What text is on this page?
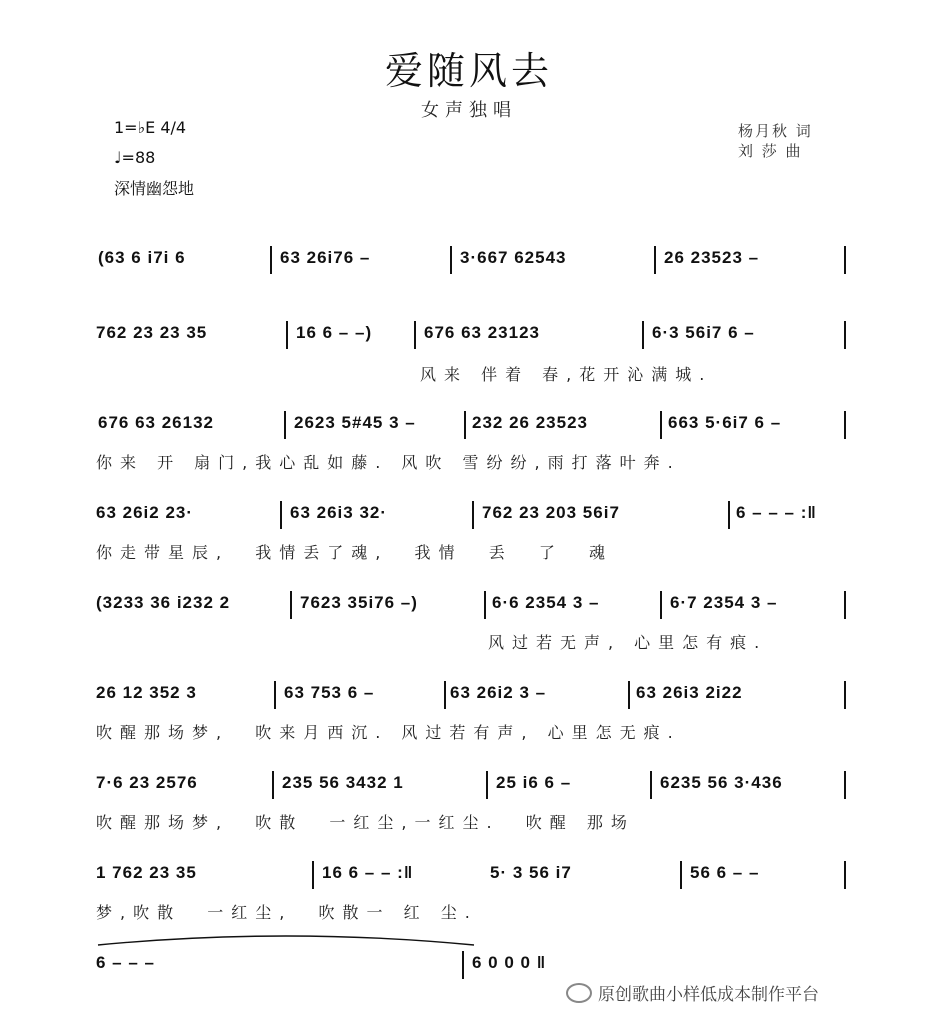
爱随风去
女声独唱
1=♭E 4/4
♩=88
深情幽怨地
杨月秋 词
刘 莎 曲
(63 6 i7i 6	63 26i76 –	3·667 62543	26 23523 –
762 23 23 35	16 6 – –)	676 63 23123	6·3 56i7 6 –
风来 伴着 春,花开沁满城.
676 63 26132	2623 5#45 3 –	232 26 23523	663 5·6i7 6 –
你来 开 扇门,我心乱如藤. 风吹 雪纷纷,雨打落叶奔.
63 26i2 23·	63 26i3 32·	762 23 203 56i7	6 – – – :‖
你走带星辰,  我情丢了魂,  我情  丢  了  魂
(3233 36 i232 2	7623 35i76 –)	6·6 2354 3 –	6·7 2354 3 –
风过若无声, 心里怎有痕.
26 12 352 3	63 753 6 –	63 26i2 3 –	63 26i3 2i22
吹醒那场梦,  吹来月西沉. 风过若有声, 心里怎无痕.
7·6 23 2576	235 56 3432 1	25 i6 6 –	6235 56 3·436
吹醒那场梦,  吹散  一红尘,一红尘.  吹醒 那场
1 762 23 35	16 6 – – :‖	5· 3 56 i7	56 6 – –
梦,吹散  一红尘,  吹散一 红 尘.
6 – – –	6 0 0 0 ‖
原创歌曲小样低成本制作平台
